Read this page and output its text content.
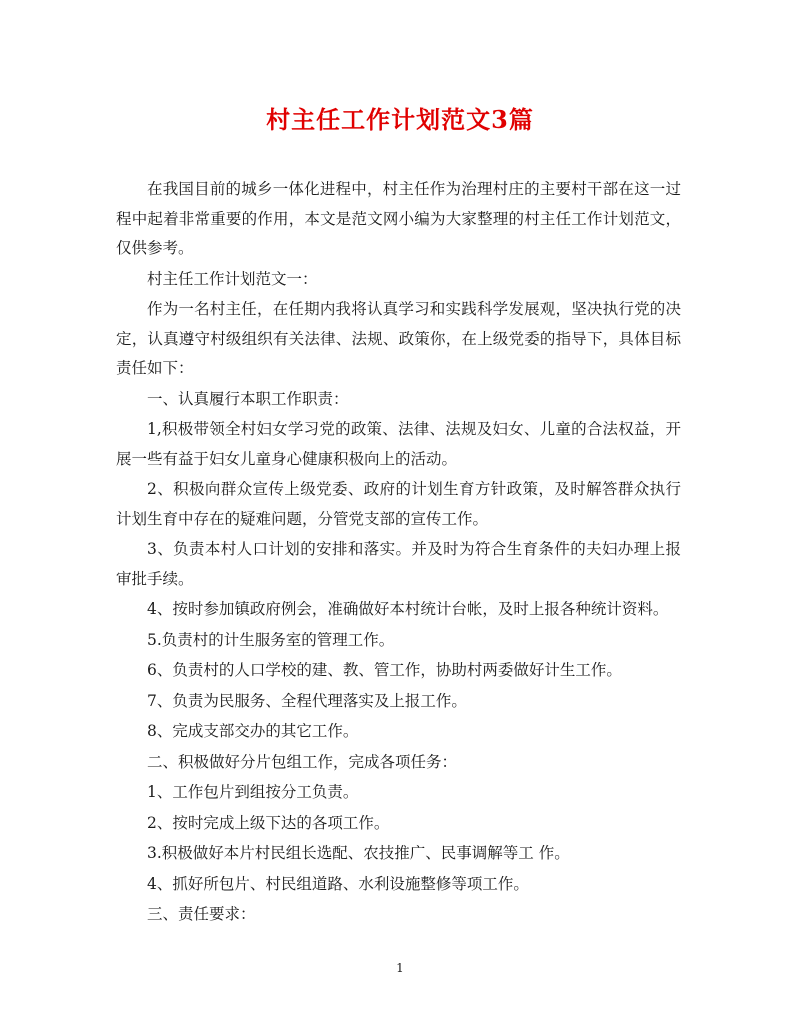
村主任工作计划范文3篇

在我国目前的城乡一体化进程中，村主任作为治理村庄的主要村干部在这一过程中起着非常重要的作用，本文是范文网小编为大家整理的村主任工作计划范文，仅供参考。

村主任工作计划范文一：

作为一名村主任，在任期内我将认真学习和实践科学发展观，坚决执行党的决定，认真遵守村级组织有关法律、法规、政策你，在上级党委的指导下，具体目标责任如下：

一、认真履行本职工作职责：

1,积极带领全村妇女学习党的政策、法律、法规及妇女、儿童的合法权益，开展一些有益于妇女儿童身心健康积极向上的活动。

2、积极向群众宣传上级党委、政府的计划生育方针政策，及时解答群众执行计划生育中存在的疑难问题，分管党支部的宣传工作。

3、负责本村人口计划的安排和落实。并及时为符合生育条件的夫妇办理上报审批手续。

4、按时参加镇政府例会，准确做好本村统计台帐，及时上报各种统计资料。

5.负责村的计生服务室的管理工作。

6、负责村的人口学校的建、教、管工作，协助村两委做好计生工作。

7、负责为民服务、全程代理落实及上报工作。

8、完成支部交办的其它工作。

二、积极做好分片包组工作，完成各项任务：

1、工作包片到组按分工负责。

2、按时完成上级下达的各项工作。

3.积极做好本片村民组长选配、农技推广、民事调解等工 作。

4、抓好所包片、村民组道路、水利设施整修等项工作。

三、责任要求：

1
